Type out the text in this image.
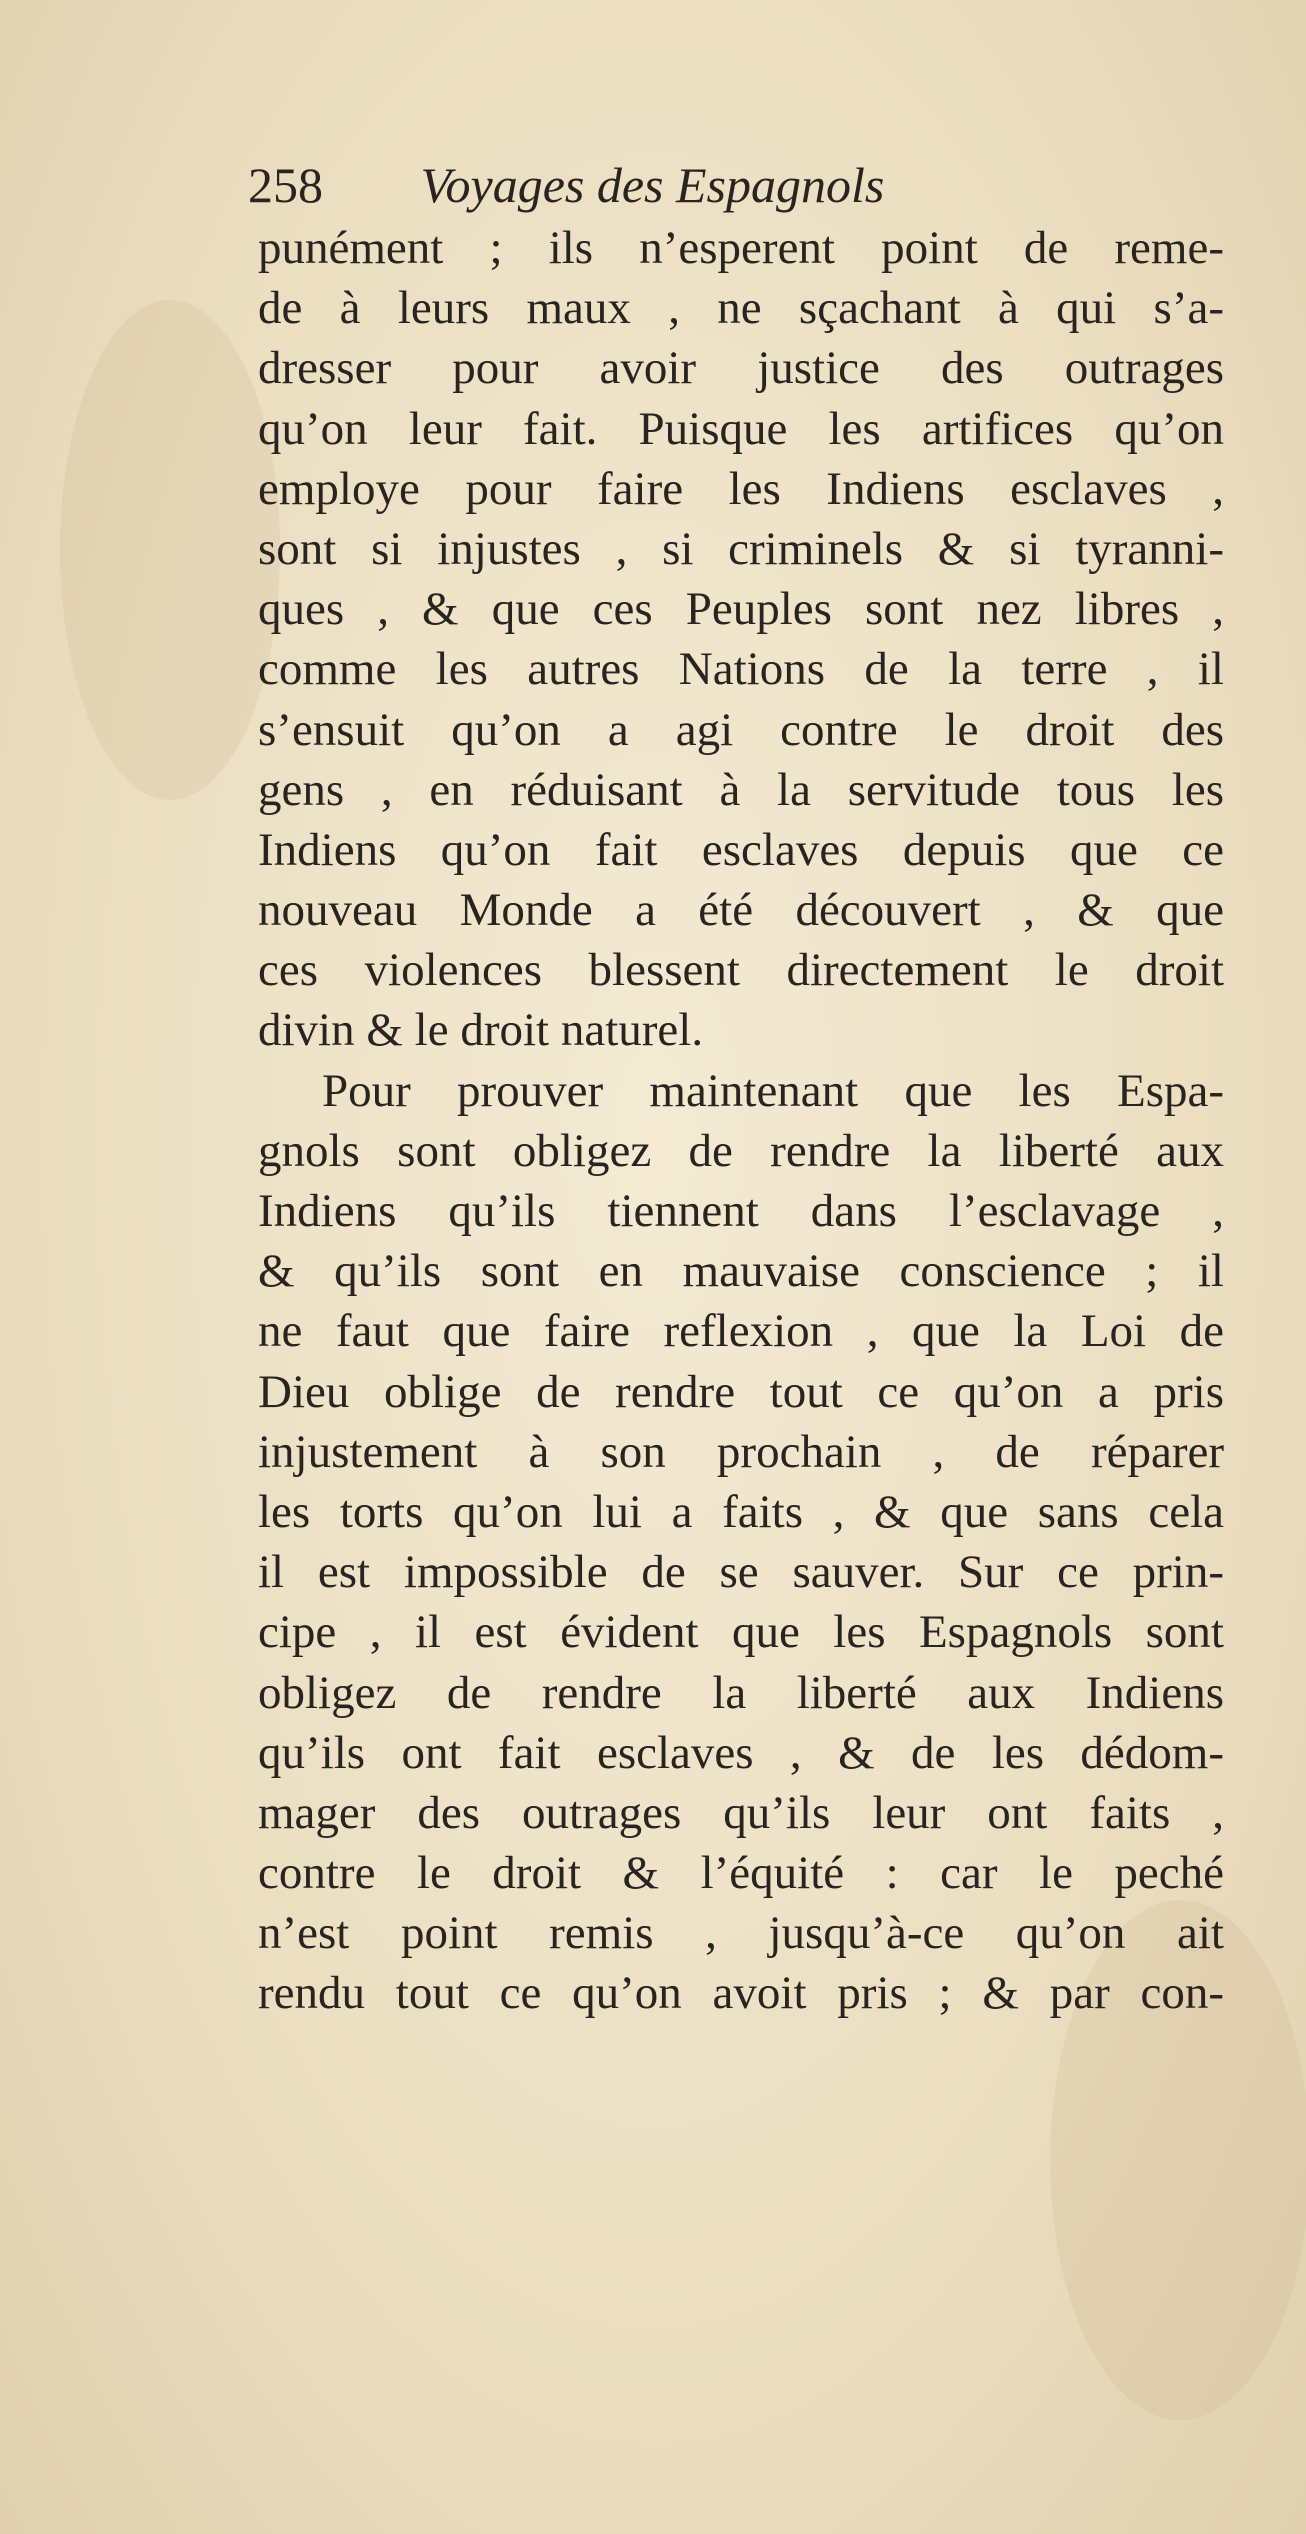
258 Voyages des Espagnols
punément ; ils n’esperent point de reme-
de à leurs maux , ne sçachant à qui s’a-
dresser pour avoir justice des outrages
qu’on leur fait. Puisque les artifices qu’on
employe pour faire les Indiens esclaves ,
sont si injustes , si criminels & si tyranni-
ques , & que ces Peuples sont nez libres ,
comme les autres Nations de la terre , il
s’ensuit qu’on a agi contre le droit des
gens , en réduisant à la servitude tous les
Indiens qu’on fait esclaves depuis que ce
nouveau Monde a été découvert , & que
ces violences blessent directement le droit
divin & le droit naturel.
Pour prouver maintenant que les Espa-
gnols sont obligez de rendre la liberté aux
Indiens qu’ils tiennent dans l’esclavage ,
& qu’ils sont en mauvaise conscience ; il
ne faut que faire reflexion , que la Loi de
Dieu oblige de rendre tout ce qu’on a pris
injustement à son prochain , de réparer
les torts qu’on lui a faits , & que sans cela
il est impossible de se sauver. Sur ce prin-
cipe , il est évident que les Espagnols sont
obligez de rendre la liberté aux Indiens
qu’ils ont fait esclaves , & de les dédom-
mager des outrages qu’ils leur ont faits ,
contre le droit & l’équité : car le peché
n’est point remis , jusqu’à-ce qu’on ait
rendu tout ce qu’on avoit pris ; & par con-
